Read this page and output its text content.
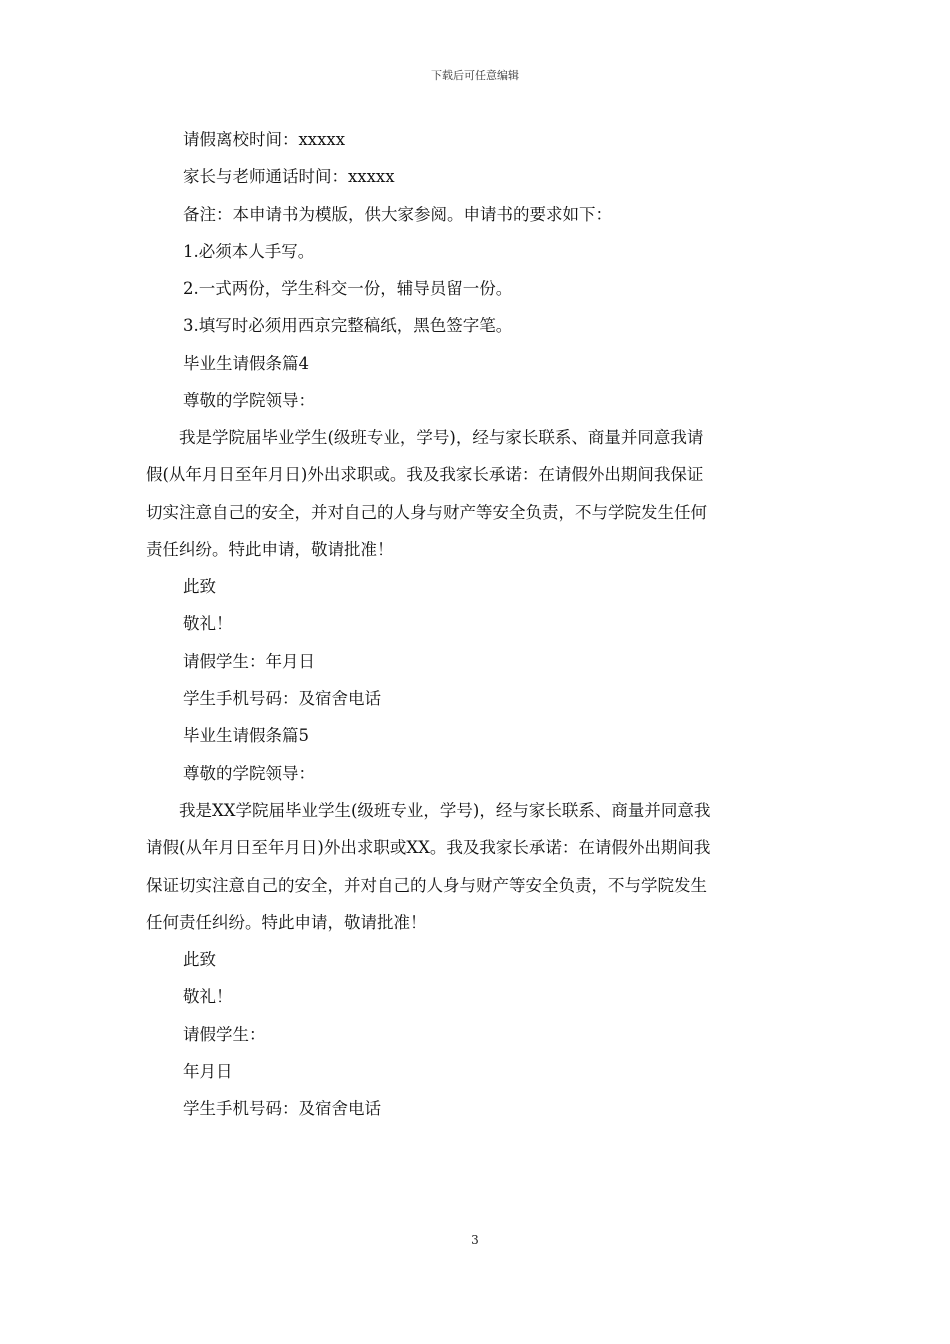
下载后可任意编辑
请假离校时间：xxxxx
家长与老师通话时间：xxxxx
备注：本申请书为模版，供大家参阅。申请书的要求如下：
1.必须本人手写。
2.一式两份，学生科交一份，辅导员留一份。
3.填写时必须用西京完整稿纸，黑色签字笔。
毕业生请假条篇4
尊敬的学院领导：
　　我是学院届毕业学生(级班专业，学号)，经与家长联系、商量并同意我请
假(从年月日至年月日)外出求职或。我及我家长承诺：在请假外出期间我保证
切实注意自己的安全，并对自己的人身与财产等安全负责，不与学院发生任何
责任纠纷。特此申请，敬请批准！
此致
敬礼！
请假学生：年月日
学生手机号码：及宿舍电话
毕业生请假条篇5
尊敬的学院领导：
　　我是XX学院届毕业学生(级班专业，学号)，经与家长联系、商量并同意我
请假(从年月日至年月日)外出求职或XX。我及我家长承诺：在请假外出期间我
保证切实注意自己的安全，并对自己的人身与财产等安全负责，不与学院发生
任何责任纠纷。特此申请，敬请批准！
此致
敬礼！
请假学生：
年月日
学生手机号码：及宿舍电话
3
